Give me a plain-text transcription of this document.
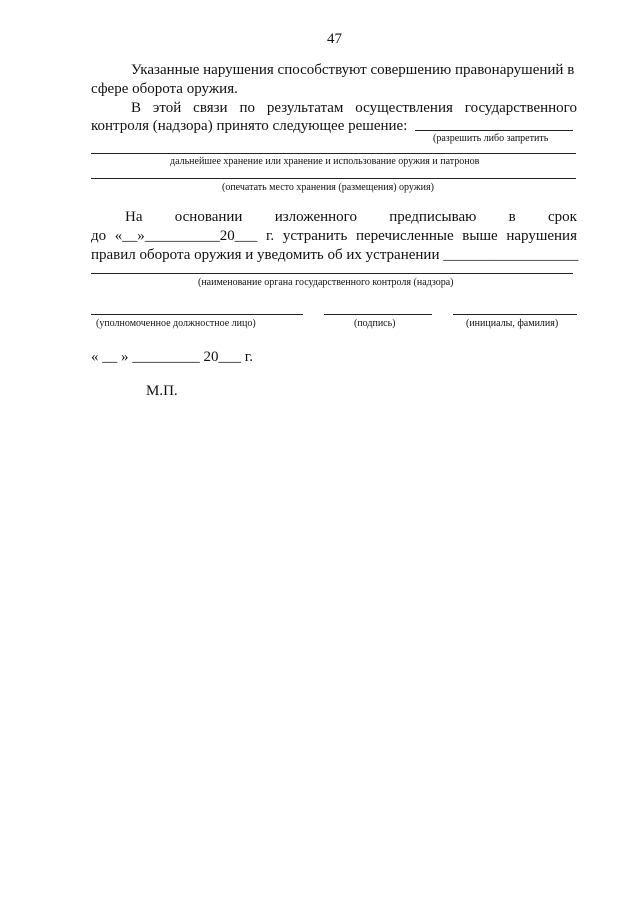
47
Указанные нарушения способствуют совершению правонарушений в
сфере оборота оружия.
В этой связи по результатам осуществления государственного
контроля (надзора) принято следующее решение:
(разрешить либо запретить
дальнейшее хранение или хранение и использование оружия и патронов
(опечатать место хранения (размещения) оружия)
На основании изложенного предписываю в срок
до «__»__________20___ г. устранить перечисленные выше нарушения
правил оборота оружия и уведомить об их устранении __________________
(наименование органа государственного контроля (надзора)
(уполномоченное должностное лицо)	(подпись)	(инициалы, фамилия)
« __ » _________ 20___ г.
М.П.
